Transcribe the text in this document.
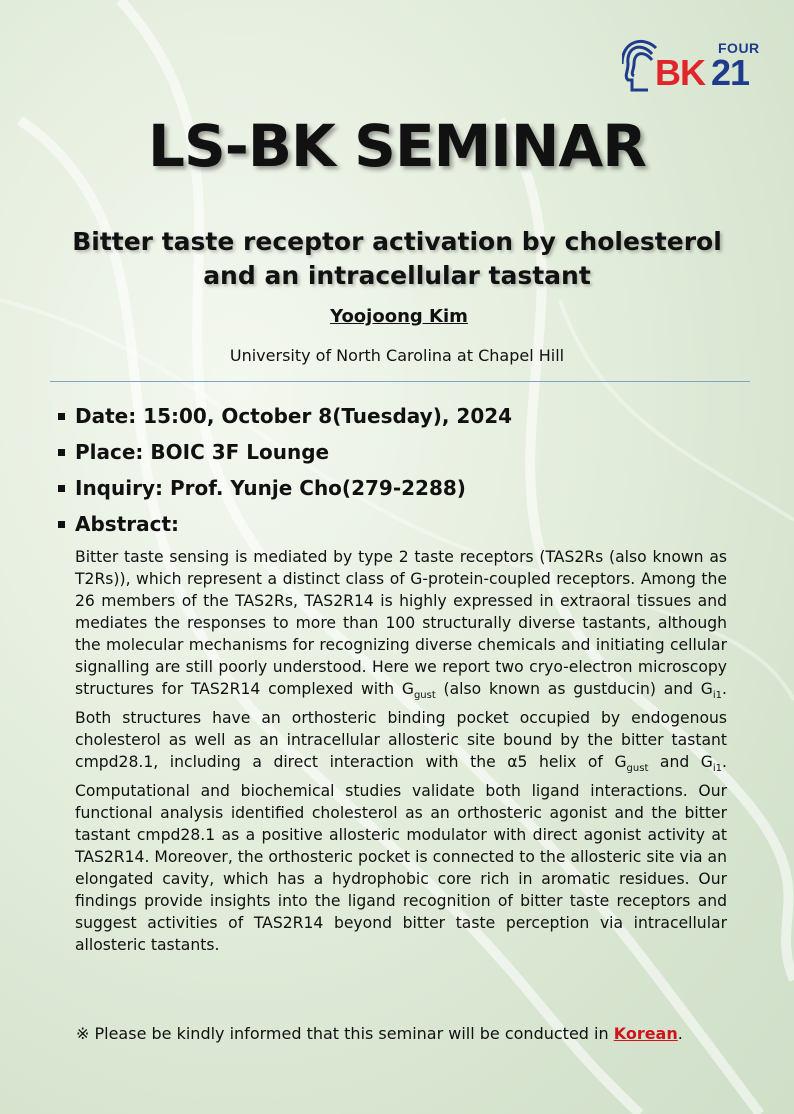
FOUR
BK 21
LS-BK SEMINAR
Bitter taste receptor activation by cholesterol
and an intracellular tastant
Yoojoong Kim
University of North Carolina at Chapel Hill
Date: 15:00, October 8(Tuesday), 2024
Place: BOIC 3F Lounge
Inquiry: Prof. Yunje Cho(279-2288)
Abstract:
Bitter taste sensing is mediated by type 2 taste receptors (TAS2Rs (also known as T2Rs)), which represent a distinct class of G-protein-coupled receptors. Among the 26 members of the TAS2Rs, TAS2R14 is highly expressed in extraoral tissues and mediates the responses to more than 100 structurally diverse tastants, although the molecular mechanisms for recognizing diverse chemicals and initiating cellular signalling are still poorly understood. Here we report two cryo-electron microscopy structures for TAS2R14 complexed with $G_{gust}$ (also known as gustducin) and $G_{i1}$. Both structures have an orthosteric binding pocket occupied by endogenous cholesterol as well as an intracellular allosteric site bound by the bitter tastant cmpd28.1, including a direct interaction with the α5 helix of $G_{gust}$ and $G_{i1}$. Computational and biochemical studies validate both ligand interactions. Our functional analysis identified cholesterol as an orthosteric agonist and the bitter tastant cmpd28.1 as a positive allosteric modulator with direct agonist activity at TAS2R14. Moreover, the orthosteric pocket is connected to the allosteric site via an elongated cavity, which has a hydrophobic core rich in aromatic residues. Our findings provide insights into the ligand recognition of bitter taste receptors and suggest activities of TAS2R14 beyond bitter taste perception via intracellular allosteric tastants.
※ Please be kindly informed that this seminar will be conducted in Korean.
